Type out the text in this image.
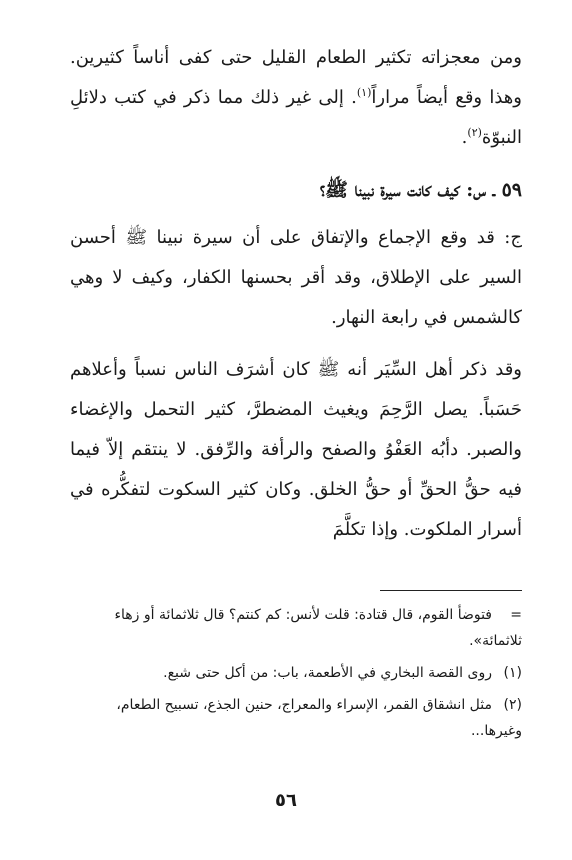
ومن معجزاته تكثير الطعام القليل حتى كفى أناساً كثيرين. وهذا وقع أيضاً مراراً$^{(١)}$. إلى غير ذلك مما ذكر في كتب دلائلِ النبوّة$^{(٢)}$.

٥٩ ـ س: كيف كانت سيرة نبينا ﷺ؟

ج: قد وقع الإجماع والإتفاق على أن سيرة نبينا ﷺ أحسن السير على الإطلاق، وقد أقر بحسنها الكفار، وكيف لا وهي كالشمس في رابعة النهار.

وقد ذكر أهل السِّيَر أنه ﷺ كان أشرَف الناس نسباً وأعلاهم حَسَباً. يصل الرَّحِمَ ويغيث المضطرَّ، كثير التحمل والإغضاء والصبر. دأبُه العَفْوُ والصفح والرأفة والرِّفق. لا ينتقم إلاّ فيما فيه حقُّ الحقِّ أو حقُّ الخلق. وكان كثير السكوت لتفكُّره في أسرار الملكوت. وإذا تكلَّمَ

=فتوضأ القوم، قال قتادة: قلت لأنس: كم كنتم؟ قال ثلاثمائة أو زهاء ثلاثمائة».

(١)روى القصة البخاري في الأطعمة، باب: من أكل حتى شبع.

(٢)مثل انشقاق القمر، الإسراء والمعراج، حنين الجذع، تسبيح الطعام، وغيرها...

٥٦
